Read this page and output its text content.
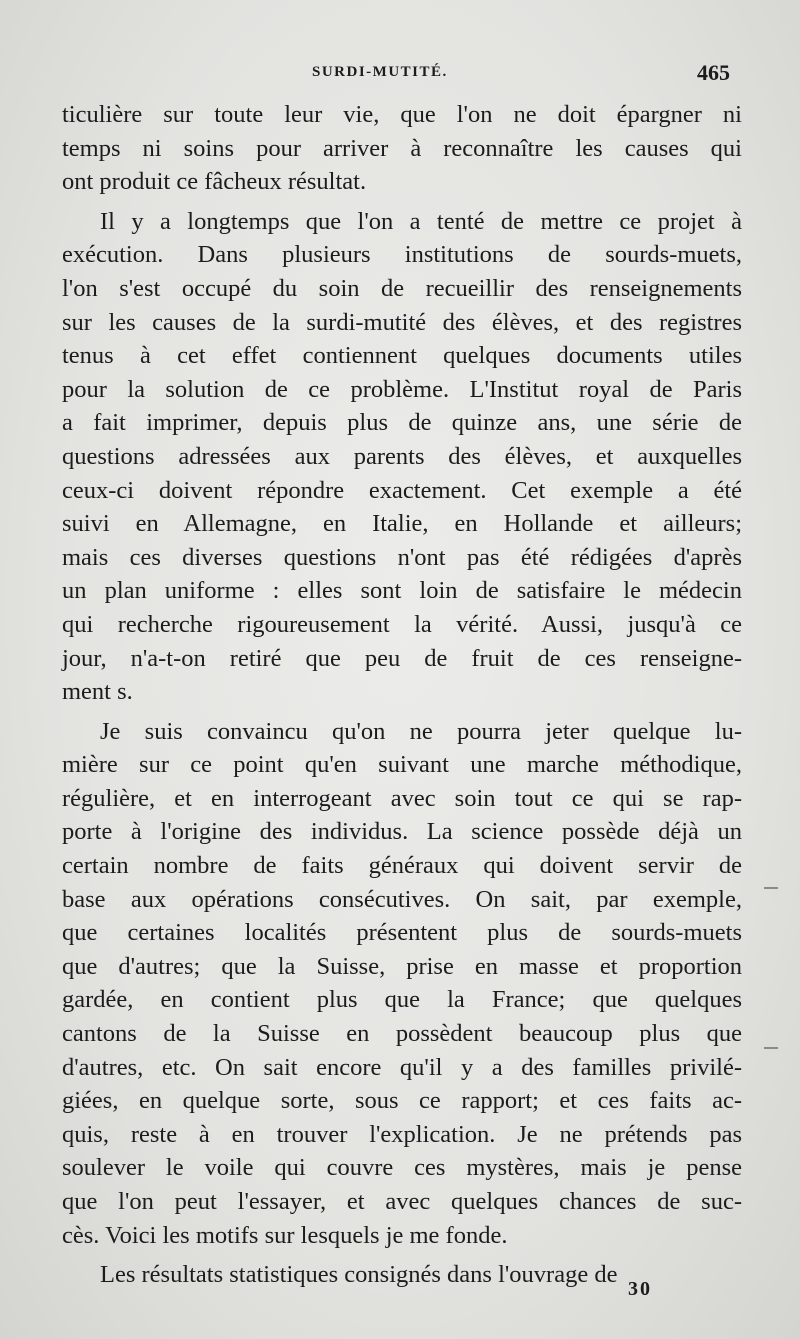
SURDI-MUTITÉ.	465
ticulière sur toute leur vie, que l'on ne doit épargner ni
temps ni soins pour arriver à reconnaître les causes qui
ont produit ce fâcheux résultat.
Il y a longtemps que l'on a tenté de mettre ce projet à
exécution. Dans plusieurs institutions de sourds-muets,
l'on s'est occupé du soin de recueillir des renseignements
sur les causes de la surdi-mutité des élèves, et des registres
tenus à cet effet contiennent quelques documents utiles
pour la solution de ce problème. L'Institut royal de Paris
a fait imprimer, depuis plus de quinze ans, une série de
questions adressées aux parents des élèves, et auxquelles
ceux-ci doivent répondre exactement. Cet exemple a été
suivi en Allemagne, en Italie, en Hollande et ailleurs;
mais ces diverses questions n'ont pas été rédigées d'après
un plan uniforme : elles sont loin de satisfaire le médecin
qui recherche rigoureusement la vérité. Aussi, jusqu'à ce
jour, n'a-t-on retiré que peu de fruit de ces renseigne-
ment s.
Je suis convaincu qu'on ne pourra jeter quelque lu-
mière sur ce point qu'en suivant une marche méthodique,
régulière, et en interrogeant avec soin tout ce qui se rap-
porte à l'origine des individus. La science possède déjà un
certain nombre de faits généraux qui doivent servir de
base aux opérations consécutives. On sait, par exemple,
que certaines localités présentent plus de sourds-muets
que d'autres; que la Suisse, prise en masse et proportion
gardée, en contient plus que la France; que quelques
cantons de la Suisse en possèdent beaucoup plus que
d'autres, etc. On sait encore qu'il y a des familles privilé-
giées, en quelque sorte, sous ce rapport; et ces faits ac-
quis, reste à en trouver l'explication. Je ne prétends pas
soulever le voile qui couvre ces mystères, mais je pense
que l'on peut l'essayer, et avec quelques chances de suc-
cès. Voici les motifs sur lesquels je me fonde.
Les résultats statistiques consignés dans l'ouvrage de
30
